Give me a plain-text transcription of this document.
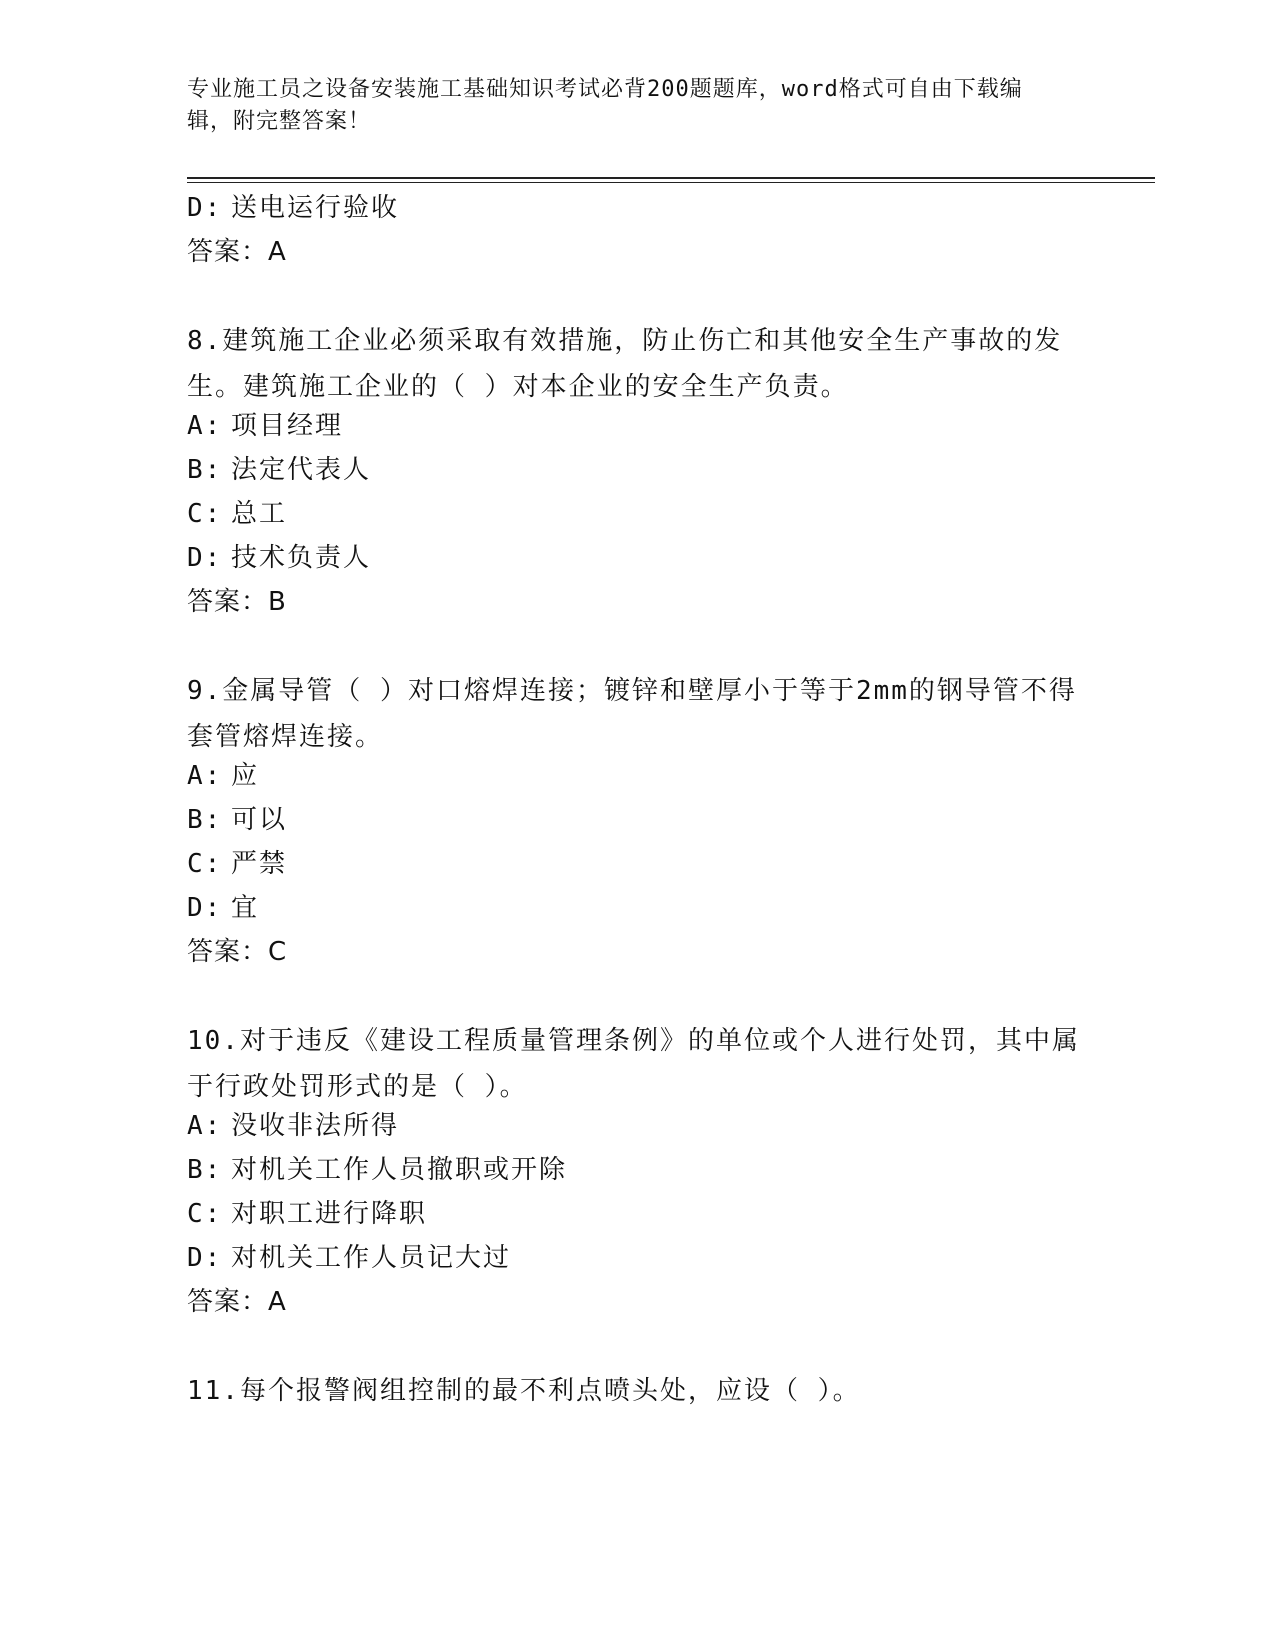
专业施工员之设备安装施工基础知识考试必背200题题库，word格式可自由下载编辑，附完整答案！
D: 送电运行验收
答案：A
8.建筑施工企业必须采取有效措施，防止伤亡和其他安全生产事故的发生。建筑施工企业的（ ）对本企业的安全生产负责。
A: 项目经理
B: 法定代表人
C: 总工
D: 技术负责人
答案：B
9.金属导管（ ）对口熔焊连接；镀锌和壁厚小于等于2mm的钢导管不得套管熔焊连接。
A: 应
B: 可以
C: 严禁
D: 宜
答案：C
10.对于违反《建设工程质量管理条例》的单位或个人进行处罚，其中属于行政处罚形式的是（ ）。
A: 没收非法所得
B: 对机关工作人员撤职或开除
C: 对职工进行降职
D: 对机关工作人员记大过
答案：A
11.每个报警阀组控制的最不利点喷头处，应设（ ）。
